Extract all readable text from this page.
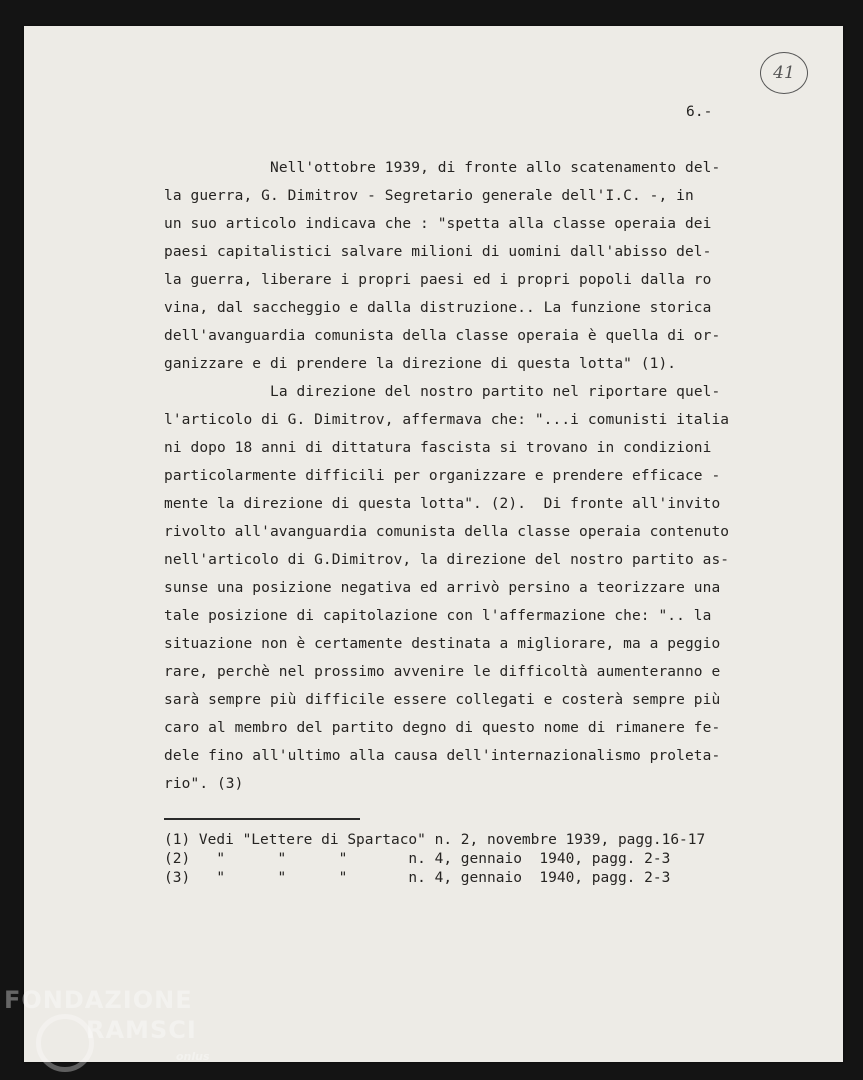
41
6.-
Nell'ottobre 1939, di fronte allo scatenamento del-
la guerra, G. Dimitrov - Segretario generale dell'I.C. -, in
un suo articolo indicava che : "spetta alla classe operaia dei
paesi capitalistici salvare milioni di uomini dall'abisso del-
la guerra, liberare i propri paesi ed i propri popoli dalla ro
vina, dal saccheggio e dalla distruzione.. La funzione storica
dell'avanguardia comunista della classe operaia è quella di or-
ganizzare e di prendere la direzione di questa lotta" (1).
La direzione del nostro partito nel riportare quel-
l'articolo di G. Dimitrov, affermava che: "...i comunisti italia
ni dopo 18 anni di dittatura fascista si trovano in condizioni
particolarmente difficili per organizzare e prendere efficace -
mente la direzione di questa lotta". (2).  Di fronte all'invito
rivolto all'avanguardia comunista della classe operaia contenuto
nell'articolo di G.Dimitrov, la direzione del nostro partito as-
sunse una posizione negativa ed arrivò persino a teorizzare una
tale posizione di capitolazione con l'affermazione che: ".. la
situazione non è certamente destinata a migliorare, ma a peggio
rare, perchè nel prossimo avvenire le difficoltà aumenteranno e
sarà sempre più difficile essere collegati e costerà sempre più
caro al membro del partito degno di questo nome di rimanere fe-
dele fino all'ultimo alla causa dell'internazionalismo proleta-
rio". (3)
(1) Vedi "Lettere di Spartaco" n. 2, novembre 1939, pagg.16-17
(2)   "      "      "       n. 4, gennaio  1940, pagg. 2-3
(3)   "      "      "       n. 4, gennaio  1940, pagg. 2-3
FONDAZIONE
RAMSCI
onlus
